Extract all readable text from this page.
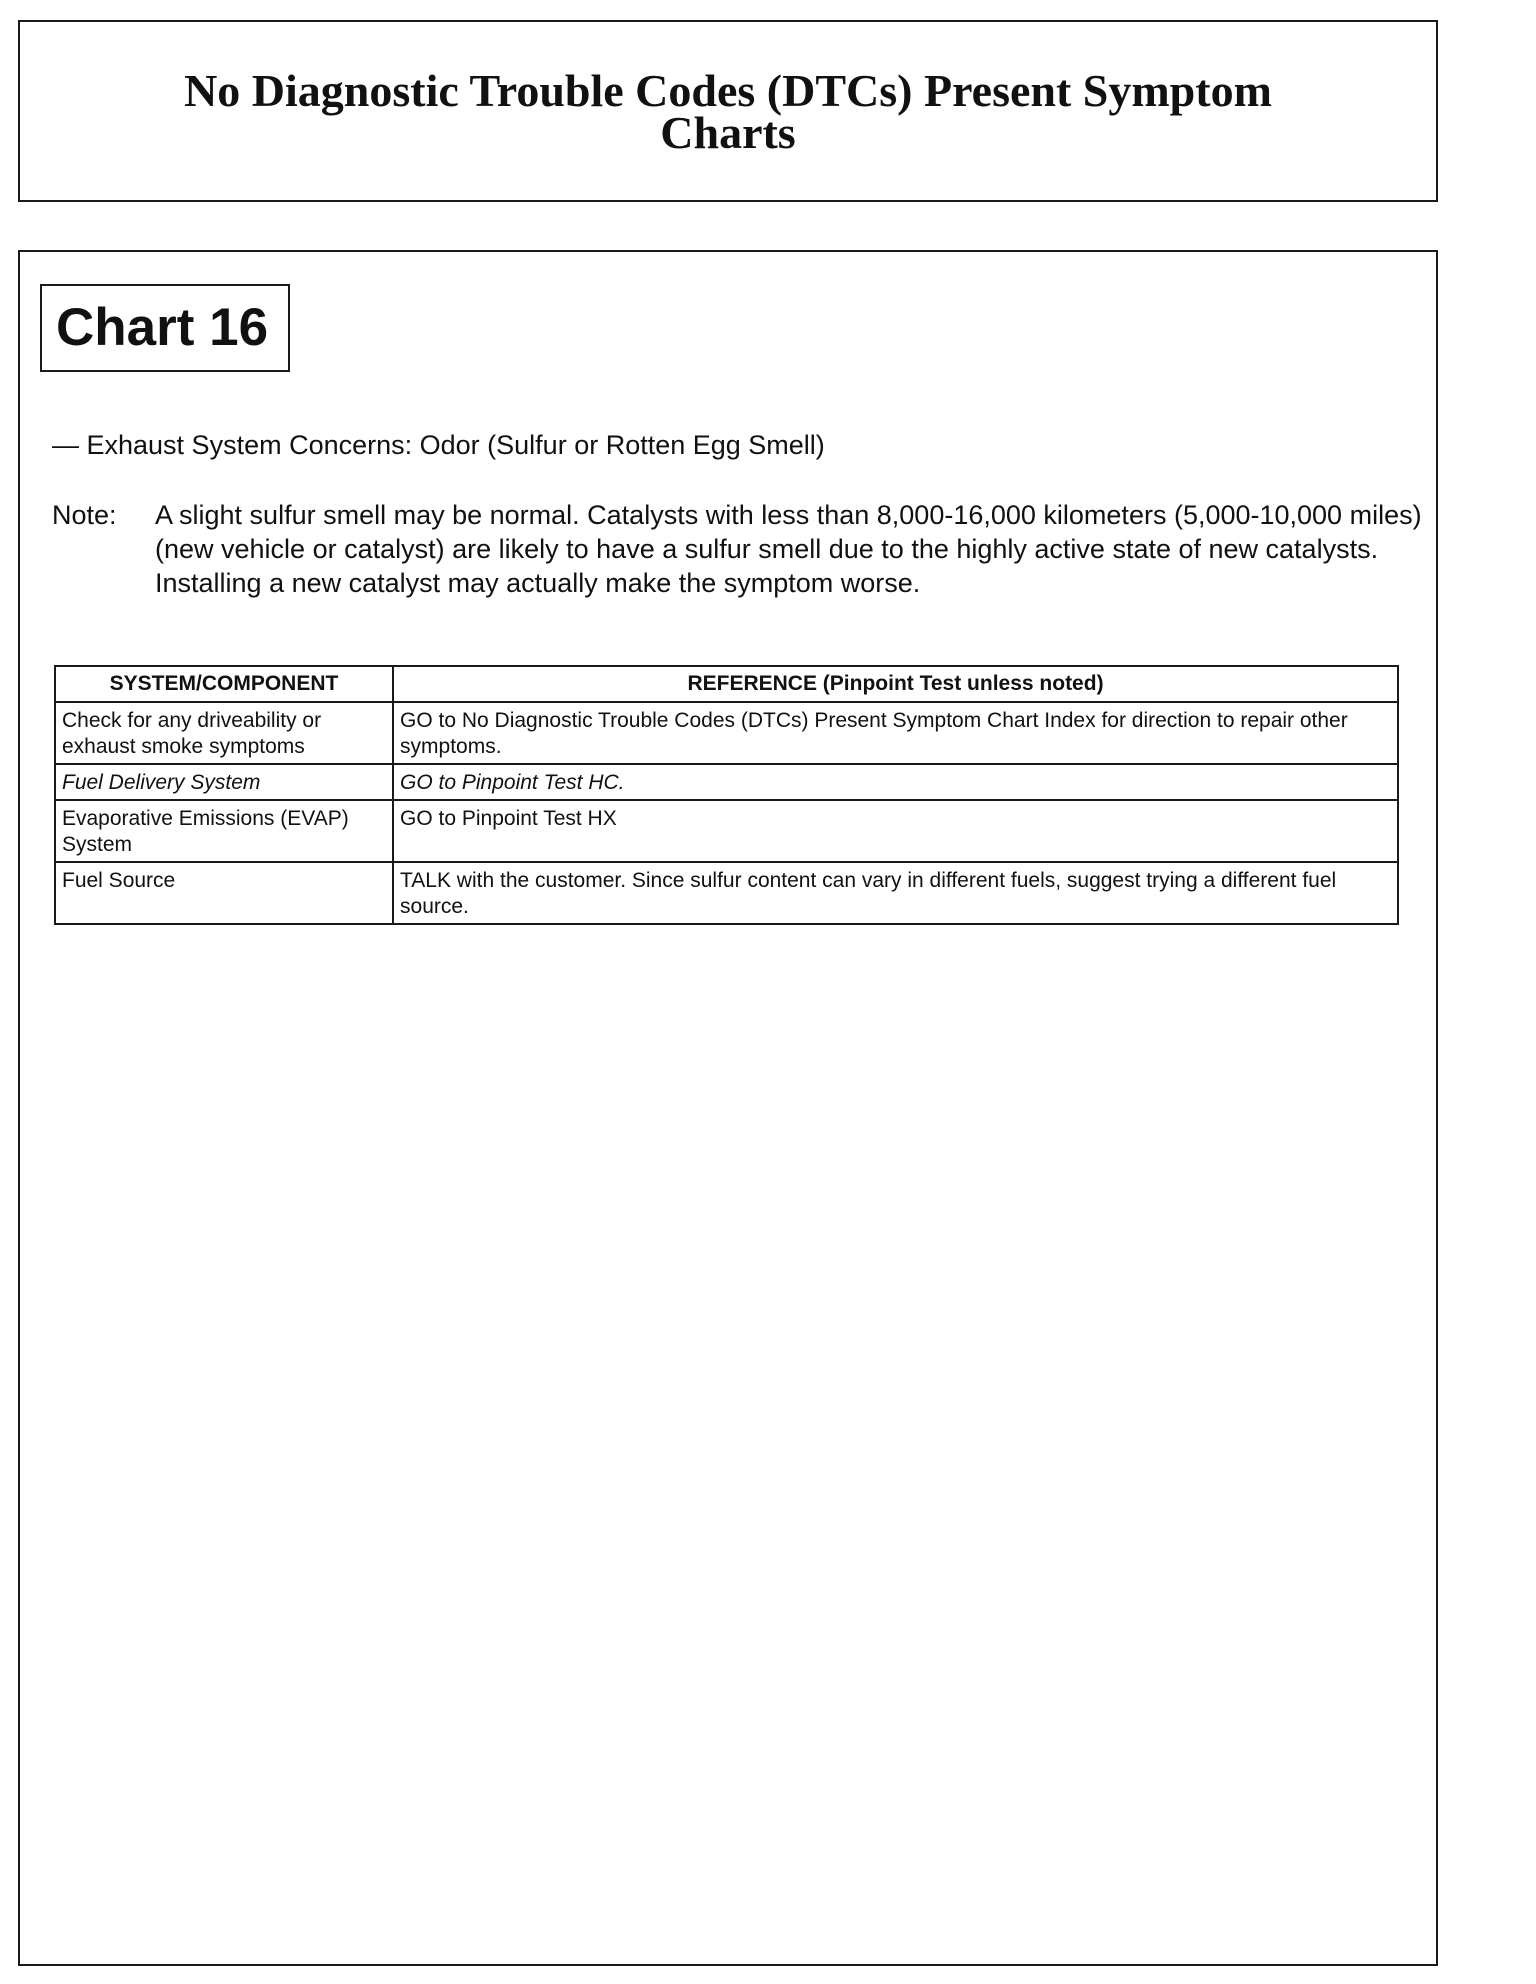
No Diagnostic Trouble Codes (DTCs) Present Symptom
Charts
Chart 16
— Exhaust System Concerns: Odor (Sulfur or Rotten Egg Smell)
Note: A slight sulfur smell may be normal. Catalysts with less than 8,000-16,000 kilometers (5,000-10,000 miles) (new vehicle or catalyst) are likely to have a sulfur smell due to the highly active state of new catalysts. Installing a new catalyst may actually make the symptom worse.
SYSTEM/COMPONENT	REFERENCE (Pinpoint Test unless noted)
Check for any driveability or exhaust smoke symptoms	GO to No Diagnostic Trouble Codes (DTCs) Present Symptom Chart Index for direction to repair other symptoms.
Fuel Delivery System	GO to Pinpoint Test HC.
Evaporative Emissions (EVAP) System	GO to Pinpoint Test HX
Fuel Source	TALK with the customer. Since sulfur content can vary in different fuels, suggest trying a different fuel source.
